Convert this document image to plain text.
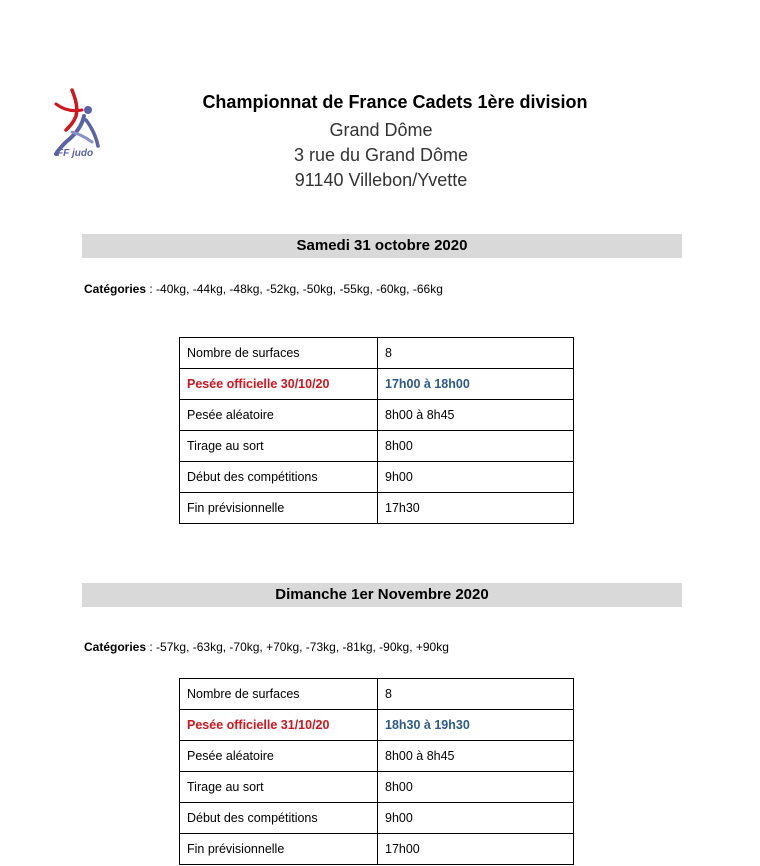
FF judo
Championnat de France Cadets 1ère division
Grand Dôme
3 rue du Grand Dôme
91140 Villebon/Yvette
Samedi 31 octobre 2020
Catégories : -40kg, -44kg, -48kg, -52kg, -50kg, -55kg, -60kg, -66kg
Nombre de surfaces	8
Pesée officielle 30/10/20	17h00 à 18h00
Pesée aléatoire	8h00 à 8h45
Tirage au sort	8h00
Début des compétitions	9h00
Fin prévisionnelle	17h30
Dimanche 1er Novembre 2020
Catégories : -57kg, -63kg, -70kg, +70kg, -73kg, -81kg, -90kg, +90kg
Nombre de surfaces	8
Pesée officielle 31/10/20	18h30 à 19h30
Pesée aléatoire	8h00 à 8h45
Tirage au sort	8h00
Début des compétitions	9h00
Fin prévisionnelle	17h00
